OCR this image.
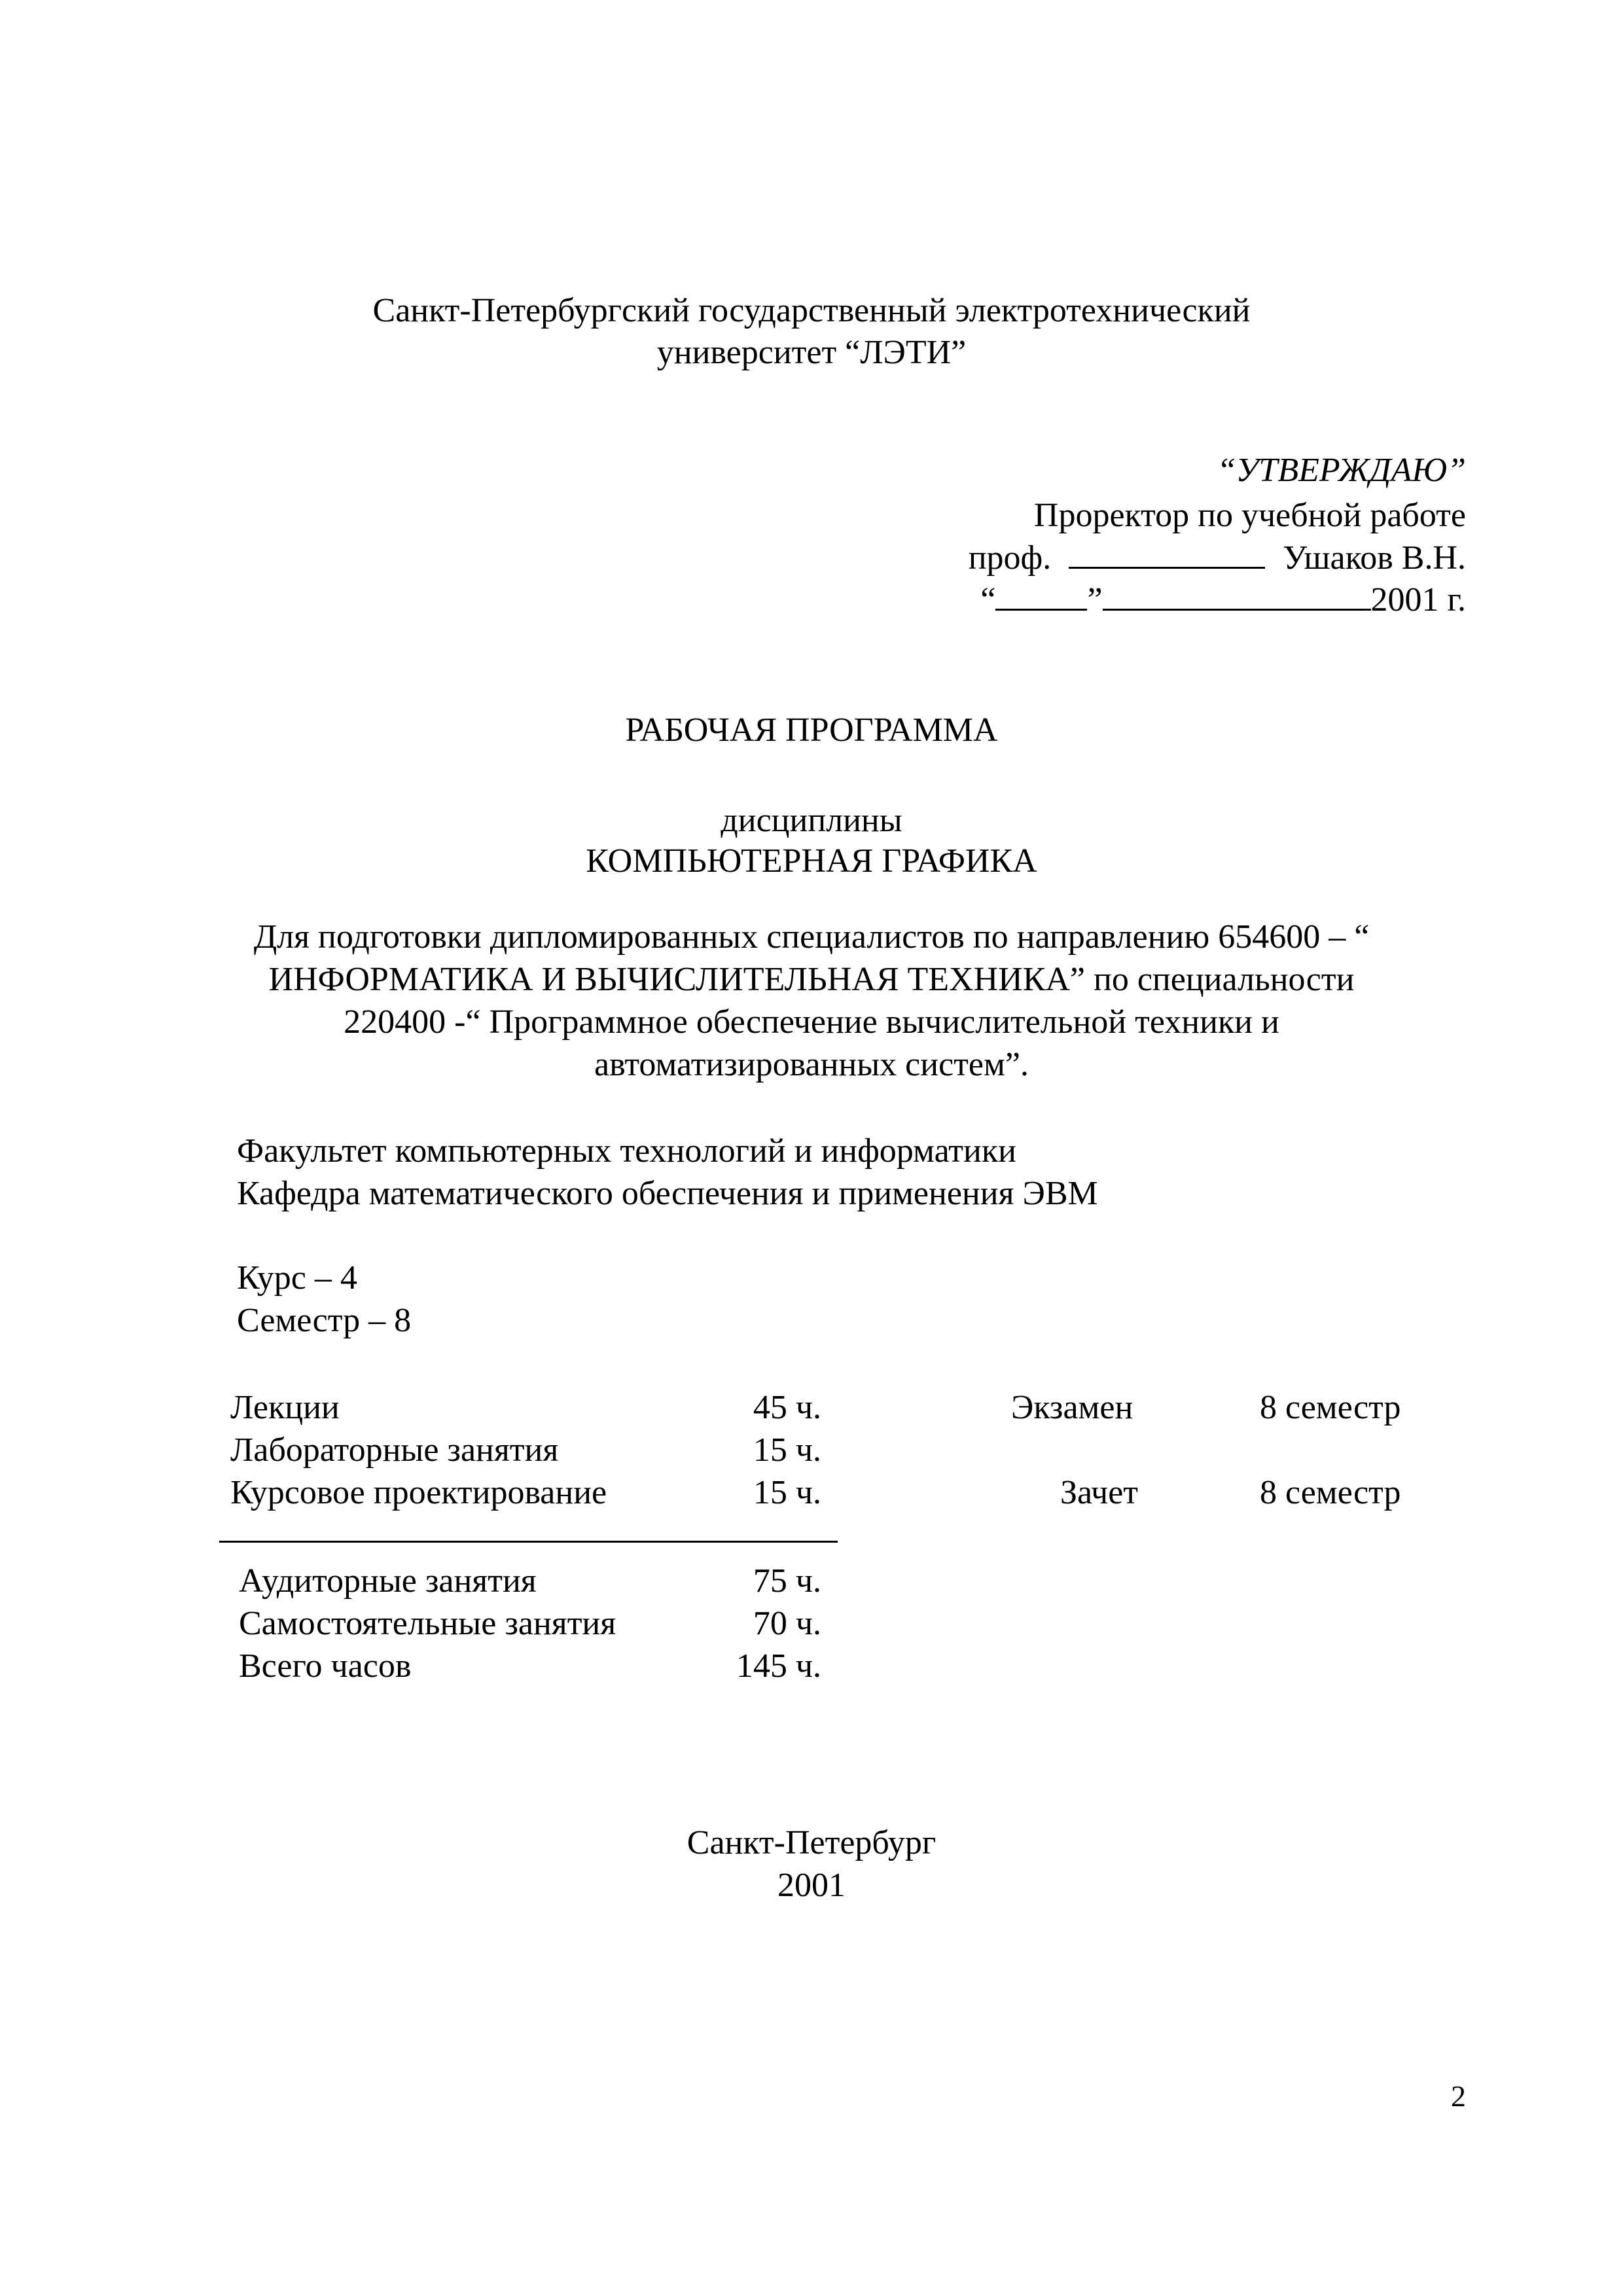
Санкт-Петербургский государственный электротехнический
университет “ЛЭТИ”
“УТВЕРЖДАЮ”
Проректор по учебной работе
проф.	Ушаков В.Н.
“	”	2001 г.
РАБОЧАЯ ПРОГРАММА
дисциплины
КОМПЬЮТЕРНАЯ ГРАФИКА
Для подготовки дипломированных специалистов по направлению 654600 – “
ИНФОРМАТИКА И ВЫЧИСЛИТЕЛЬНАЯ ТЕХНИКА” по специальности
220400 -“ Программное обеспечение вычислительной техники и
автоматизированных систем”.
Факультет компьютерных технологий и информатики
Кафедра математического обеспечения и применения ЭВМ
Курс – 4
Семестр – 8
Лекции	45 ч.	Экзамен	8 семестр
Лабораторные занятия	15 ч.
Курсовое проектирование	15 ч.	Зачет	8 семестр
Аудиторные занятия	75 ч.
Самостоятельные занятия	70 ч.
Всего часов	145 ч.
Санкт-Петербург
2001
2
